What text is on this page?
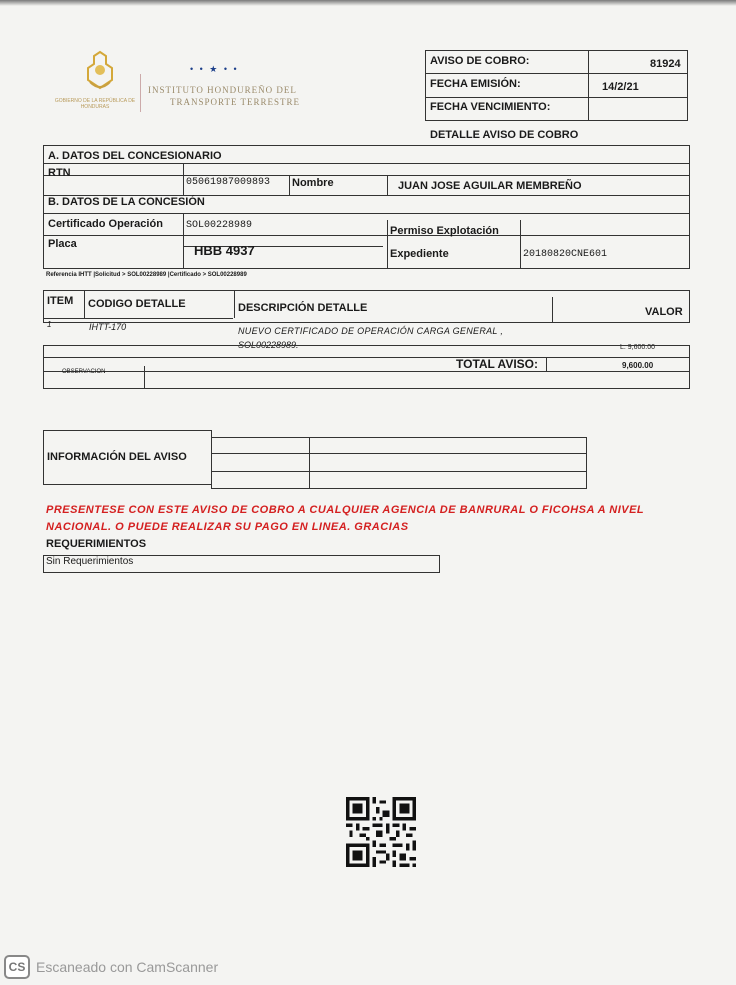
GOBIERNO DE LA REPÚBLICA DE HONDURAS
• • ★ • •
INSTITUTO HONDUREÑO DEL
TRANSPORTE TERRESTRE
AVISO DE COBRO:	81924
FECHA EMISIÓN:	14/2/21
FECHA VENCIMIENTO:
DETALLE AVISO DE COBRO
A. DATOS DEL CONCESIONARIO
RTN
05061987009893 Nombre	JUAN JOSE AGUILAR MEMBREÑO
B. DATOS DE LA CONCESIÓN
Certificado Operación SOL00228989	Permiso Explotación
Placa	HBB 4937	Expediente	20180820CNE601
Referencia IHTT |Solicitud > SOL00228989 |Certificado > SOL00228989
ITEM CODIGO DETALLE	DESCRIPCIÓN DETALLE	VALOR
1	IHTT-170	NUEVO CERTIFICADO DE OPERACIÓN CARGA GENERAL ,
SOL00228989.	L. 9,600.00
TOTAL AVISO:	9,600.00
OBSERVACION
INFORMACIÓN DEL AVISO
PRESENTESE CON ESTE AVISO DE COBRO A CUALQUIER AGENCIA DE BANRURAL O FICOHSA A NIVEL
NACIONAL. O PUEDE REALIZAR SU PAGO EN LINEA. GRACIAS
REQUERIMIENTOS
Sin Requerimientos
CS Escaneado con CamScanner
